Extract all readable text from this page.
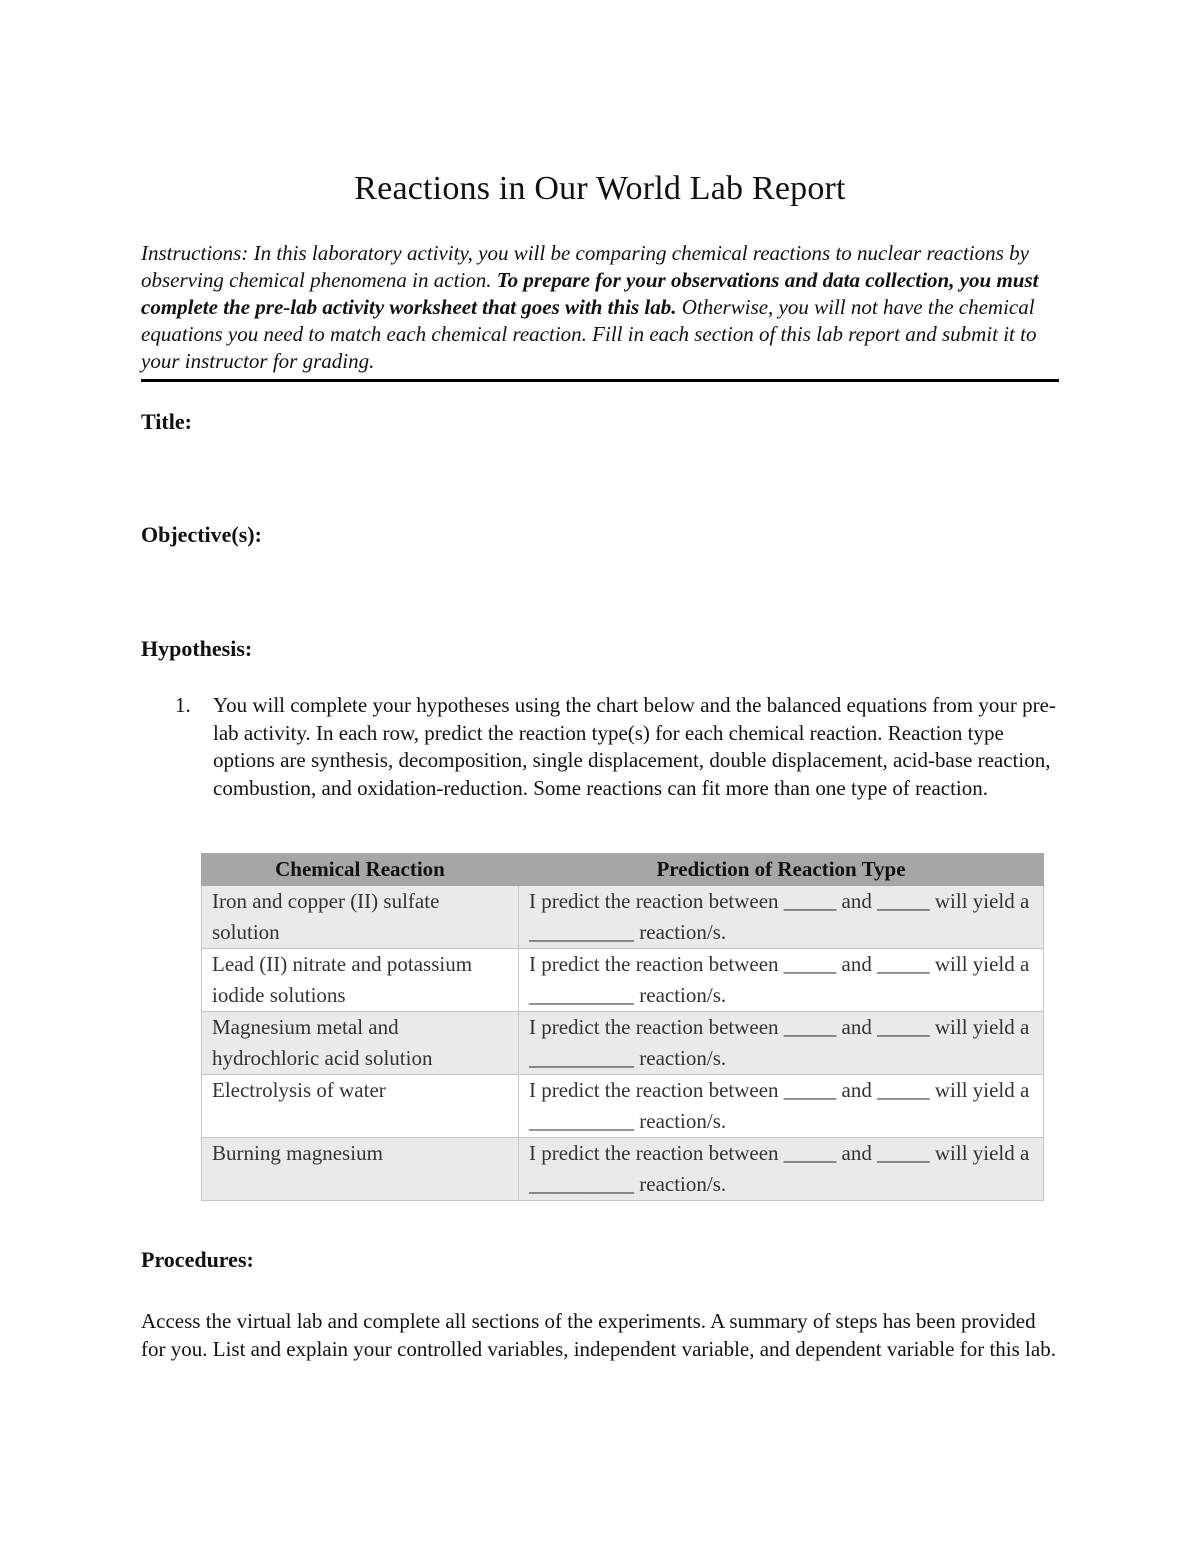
Reactions in Our World Lab Report

Instructions: In this laboratory activity, you will be comparing chemical reactions to nuclear reactions by observing chemical phenomena in action. To prepare for your observations and data collection, you must complete the pre-lab activity worksheet that goes with this lab. Otherwise, you will not have the chemical equations you need to match each chemical reaction. Fill in each section of this lab report and submit it to your instructor for grading.

Title:
Objective(s):
Hypothesis:
1. You will complete your hypotheses using the chart below and the balanced equations from your pre-lab activity. In each row, predict the reaction type(s) for each chemical reaction. Reaction type options are synthesis, decomposition, single displacement, double displacement, acid-base reaction, combustion, and oxidation-reduction. Some reactions can fit more than one type of reaction.
Chemical Reaction	Prediction of Reaction Type
Iron and copper (II) sulfate solution	I predict the reaction between _____ and _____ will yield a __________ reaction/s.
Lead (II) nitrate and potassium iodide solutions	I predict the reaction between _____ and _____ will yield a __________ reaction/s.
Magnesium metal and hydrochloric acid solution	I predict the reaction between _____ and _____ will yield a __________ reaction/s.
Electrolysis of water	I predict the reaction between _____ and _____ will yield a __________ reaction/s.
Burning magnesium	I predict the reaction between _____ and _____ will yield a __________ reaction/s.
Procedures:

Access the virtual lab and complete all sections of the experiments. A summary of steps has been provided for you. List and explain your controlled variables, independent variable, and dependent variable for this lab.
